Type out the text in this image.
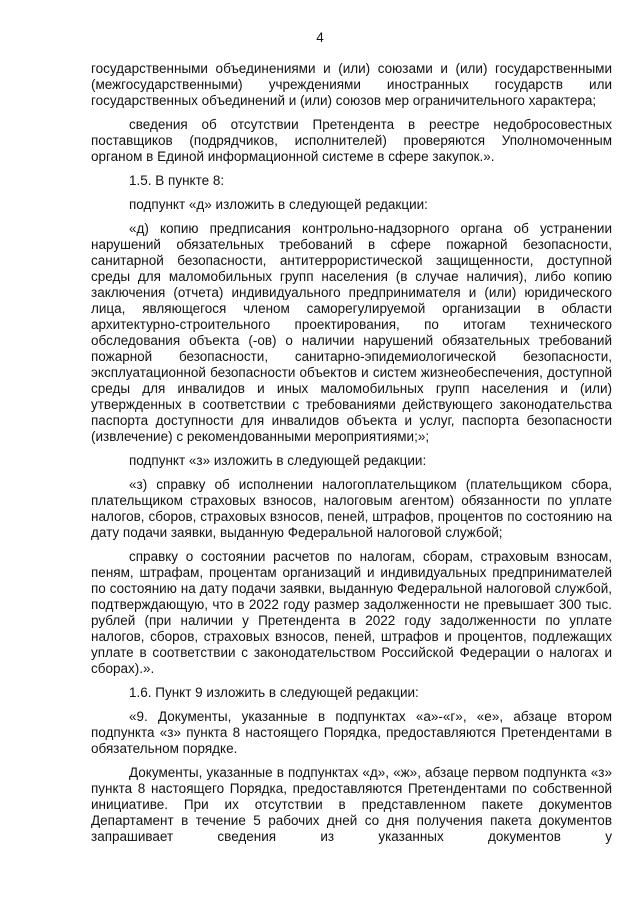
4

государственными объединениями и (или) союзами и (или) государственными (межгосударственными) учреждениями иностранных государств или государственных объединений и (или) союзов мер ограничительного характера;

сведения об отсутствии Претендента в реестре недобросовестных поставщиков (подрядчиков, исполнителей) проверяются Уполномоченным органом в Единой информационной системе в сфере закупок.».

1.5. В пункте 8:

подпункт «д» изложить в следующей редакции:

«д) копию предписания контрольно-надзорного органа об устранении нарушений обязательных требований в сфере пожарной безопасности, санитарной безопасности, антитеррористической защищенности, доступной среды для маломобильных групп населения (в случае наличия), либо копию заключения (отчета) индивидуального предпринимателя и (или) юридического лица, являющегося членом саморегулируемой организации в области архитектурно-строительного проектирования, по итогам технического обследования объекта (-ов) о наличии нарушений обязательных требований пожарной безопасности, санитарно-эпидемиологической безопасности, эксплуатационной безопасности объектов и систем жизнеобеспечения, доступной среды для инвалидов и иных маломобильных групп населения и (или) утвержденных в соответствии с требованиями действующего законодательства паспорта доступности для инвалидов объекта и услуг, паспорта безопасности (извлечение) с рекомендованными мероприятиями;»;

подпункт «з» изложить в следующей редакции:

«з) справку об исполнении налогоплательщиком (плательщиком сбора, плательщиком страховых взносов, налоговым агентом) обязанности по уплате налогов, сборов, страховых взносов, пеней, штрафов, процентов по состоянию на дату подачи заявки, выданную Федеральной налоговой службой;

справку о состоянии расчетов по налогам, сборам, страховым взносам, пеням, штрафам, процентам организаций и индивидуальных предпринимателей по состоянию на дату подачи заявки, выданную Федеральной налоговой службой, подтверждающую, что в 2022 году размер задолженности не превышает 300 тыс. рублей (при наличии у Претендента в 2022 году задолженности по уплате налогов, сборов, страховых взносов, пеней, штрафов и процентов, подлежащих уплате в соответствии с законодательством Российской Федерации о налогах и сборах).».

1.6. Пункт 9 изложить в следующей редакции:

«9. Документы, указанные в подпунктах «а»-«г», «е», абзаце втором подпункта «з» пункта 8 настоящего Порядка, предоставляются Претендентами в обязательном порядке.

Документы, указанные в подпунктах «д», «ж», абзаце первом подпункта «з» пункта 8 настоящего Порядка, предоставляются Претендентами по собственной инициативе. При их отсутствии в представленном пакете документов Департамент в течение 5 рабочих дней со дня получения пакета документов запрашивает сведения из указанных документов у
